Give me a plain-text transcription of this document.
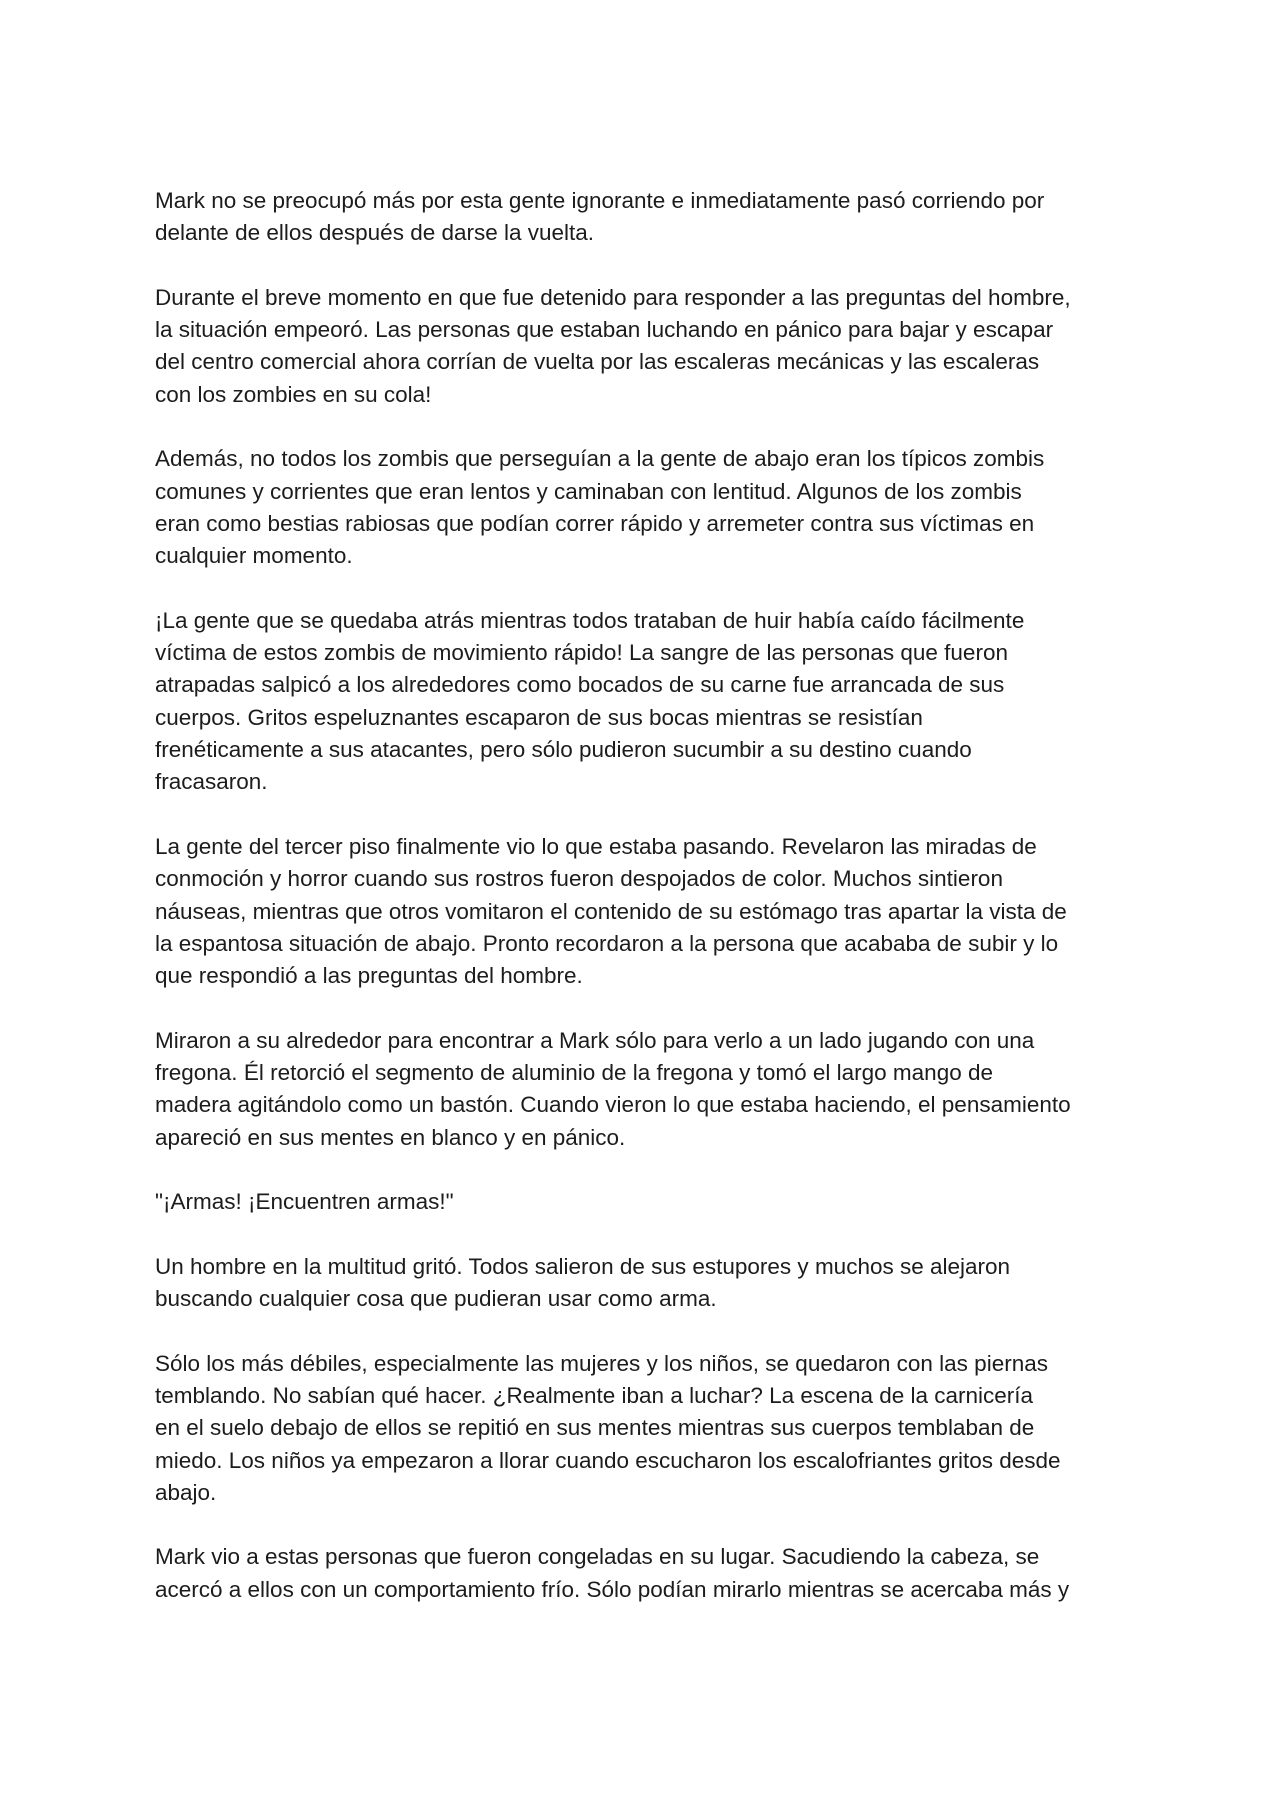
Mark no se preocupó más por esta gente ignorante e inmediatamente pasó corriendo por
delante de ellos después de darse la vuelta.

Durante el breve momento en que fue detenido para responder a las preguntas del hombre,
la situación empeoró. Las personas que estaban luchando en pánico para bajar y escapar
del centro comercial ahora corrían de vuelta por las escaleras mecánicas y las escaleras
con los zombies en su cola!

Además, no todos los zombis que perseguían a la gente de abajo eran los típicos zombis
comunes y corrientes que eran lentos y caminaban con lentitud. Algunos de los zombis
eran como bestias rabiosas que podían correr rápido y arremeter contra sus víctimas en
cualquier momento.

¡La gente que se quedaba atrás mientras todos trataban de huir había caído fácilmente
víctima de estos zombis de movimiento rápido! La sangre de las personas que fueron
atrapadas salpicó a los alrededores como bocados de su carne fue arrancada de sus
cuerpos. Gritos espeluznantes escaparon de sus bocas mientras se resistían
frenéticamente a sus atacantes, pero sólo pudieron sucumbir a su destino cuando
fracasaron.

La gente del tercer piso finalmente vio lo que estaba pasando. Revelaron las miradas de
conmoción y horror cuando sus rostros fueron despojados de color. Muchos sintieron
náuseas, mientras que otros vomitaron el contenido de su estómago tras apartar la vista de
la espantosa situación de abajo. Pronto recordaron a la persona que acababa de subir y lo
que respondió a las preguntas del hombre.

Miraron a su alrededor para encontrar a Mark sólo para verlo a un lado jugando con una
fregona. Él retorció el segmento de aluminio de la fregona y tomó el largo mango de
madera agitándolo como un bastón. Cuando vieron lo que estaba haciendo, el pensamiento
apareció en sus mentes en blanco y en pánico.

"¡Armas! ¡Encuentren armas!"

Un hombre en la multitud gritó. Todos salieron de sus estupores y muchos se alejaron
buscando cualquier cosa que pudieran usar como arma.

Sólo los más débiles, especialmente las mujeres y los niños, se quedaron con las piernas
temblando. No sabían qué hacer. ¿Realmente iban a luchar? La escena de la carnicería
en el suelo debajo de ellos se repitió en sus mentes mientras sus cuerpos temblaban de
miedo. Los niños ya empezaron a llorar cuando escucharon los escalofriantes gritos desde
abajo.

Mark vio a estas personas que fueron congeladas en su lugar. Sacudiendo la cabeza, se
acercó a ellos con un comportamiento frío. Sólo podían mirarlo mientras se acercaba más y
